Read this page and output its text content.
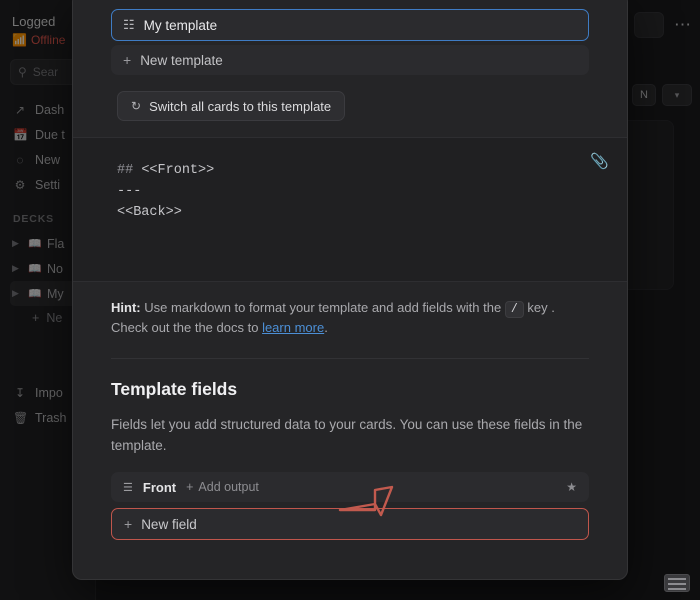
⋯
N	▾
Logged
📶 Offline
⚲ Sear
↗ Dash
📅 Due t
◌ New
⚙ Setti
DECKS
▶ 📖 Fla
▶ 📖 No
▶ 📖 My
+ Ne
↧ Impo
🗑 Trash
☷ My template
+ New template
↻ Switch all cards to this template
📎
## <<Front>>
---
<<Back>>
Hint: Use markdown to format your template and add fields with the / key .
Check out the the docs to learn more.
Template fields
Fields let you add structured data to your cards. You can use these fields in the template.
☰ Front + Add output	★
+ New field
